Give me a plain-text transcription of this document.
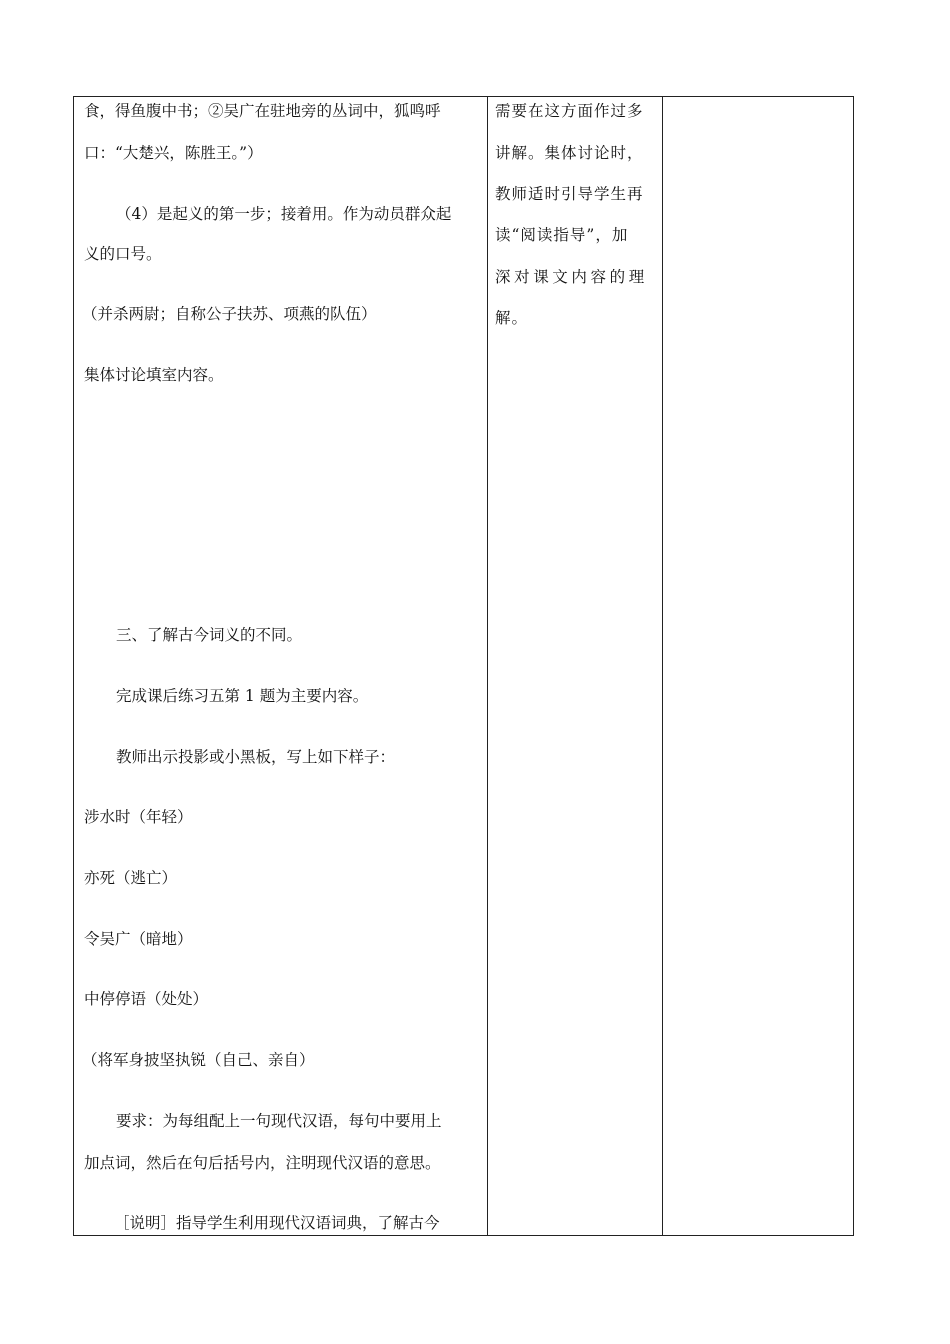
食，得鱼腹中书；②吴广在驻地旁的丛词中，狐鸣呼

口：“大楚兴，陈胜王。”）

（4）是起义的第一步；接着用。作为动员群众起

义的口号。

（并杀两尉；自称公子扶苏、项燕的队伍）

集体讨论填室内容。

三、了解古今词义的不同。

完成课后练习五第 1 题为主要内容。

教师出示投影或小黑板，写上如下样子：

涉水时（年轻）

亦死（逃亡）

令吴广（暗地）

中停停语（处处）

（将军身披坚执锐（自己、亲自）

要求：为每组配上一句现代汉语，每句中要用上

加点词，然后在句后括号内，注明现代汉语的意思。

［说明］指导学生利用现代汉语词典，了解古今

需要在这方面作过多

讲解。集体讨论时，

教师适时引导学生再

读“阅读指导”，加

深对课文内容的理

解。
